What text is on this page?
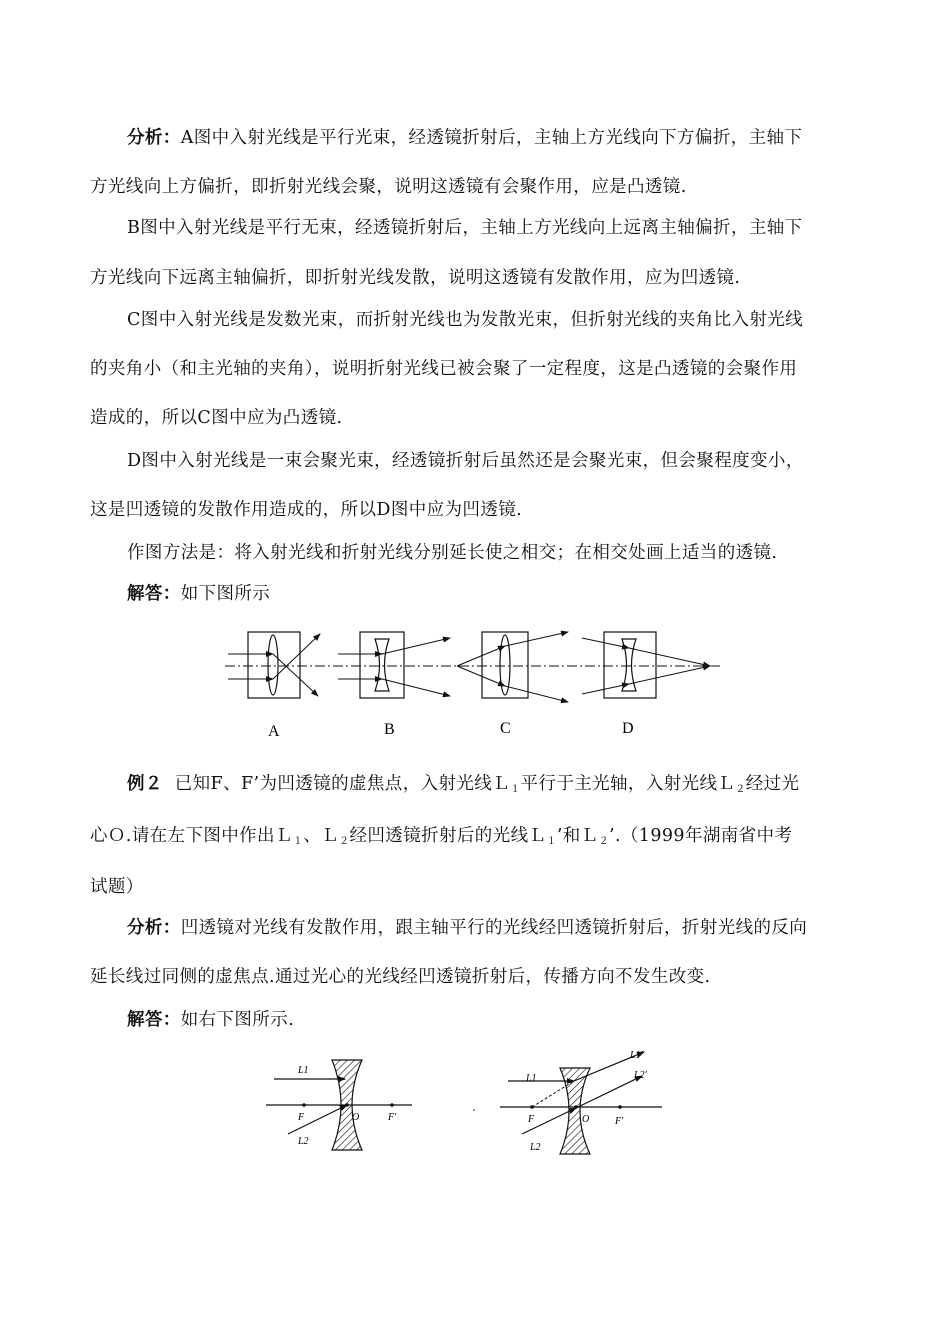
分析：A图中入射光线是平行光束，经透镜折射后，主轴上方光线向下方偏折，主轴下
方光线向上方偏折，即折射光线会聚，说明这透镜有会聚作用，应是凸透镜.
B图中入射光线是平行无束，经透镜折射后，主轴上方光线向上远离主轴偏折，主轴下
方光线向下远离主轴偏折，即折射光线发散，说明这透镜有发散作用，应为凹透镜.
C图中入射光线是发数光束，而折射光线也为发散光束，但折射光线的夹角比入射光线
的夹角小（和主光轴的夹角），说明折射光线已被会聚了一定程度，这是凸透镜的会聚作用
造成的，所以C图中应为凸透镜.
D图中入射光线是一束会聚光束，经透镜折射后虽然还是会聚光束，但会聚程度变小，
这是凹透镜的发散作用造成的，所以D图中应为凹透镜.
作图方法是：将入射光线和折射光线分别延长使之相交；在相交处画上适当的透镜.
解答：如下图所示
A	B	C	D
例２ 已知F、F’为凹透镜的虚焦点，入射光线Ｌ$_1$平行于主光轴，入射光线Ｌ$_2$经过光
心Ｏ.请在左下图中作出Ｌ$_1$、Ｌ$_2$经凹透镜折射后的光线Ｌ$_1$’和Ｌ$_2$’.（1999年湖南省中考
试题）
分析：凹透镜对光线有发散作用，跟主轴平行的光线经凹透镜折射后，折射光线的反向
延长线过同侧的虚焦点.通过光心的光线经凹透镜折射后，传播方向不发生改变.
解答：如右下图所示.
L1
L2
F	O	F'
L1
L2
L1'
L2'
F	O	F'
